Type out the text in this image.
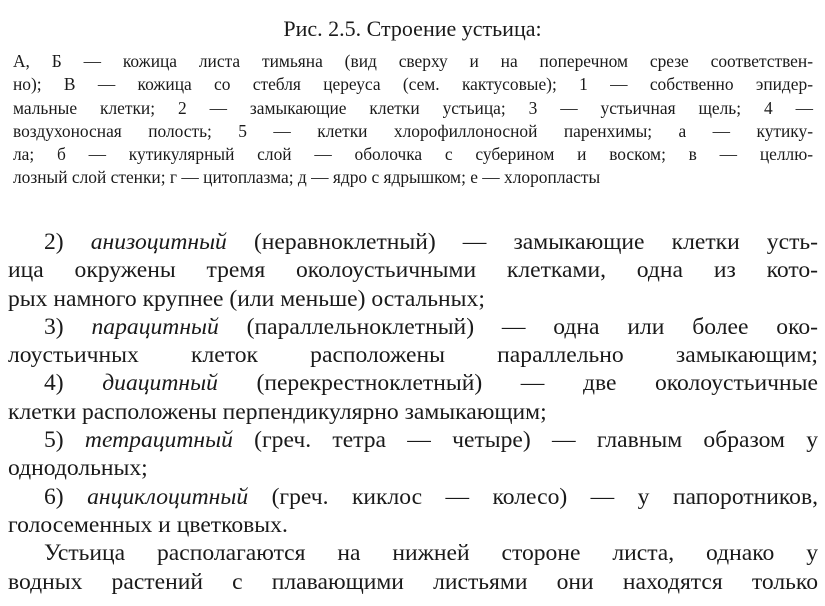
Рис. 2.5. Строение устьица:
А, Б — кожица листа тимьяна (вид сверху и на поперечном срезе соответствен-
но); В — кожица со стебля цереуса (сем. кактусовые); 1 — собственно эпидер-
мальные клетки; 2 — замыкающие клетки устьица; 3 — устьичная щель; 4 —
воздухоносная полость; 5 — клетки хлорофиллоносной паренхимы; а — кутику-
ла; б — кутикулярный слой — оболочка с суберином и воском; в — целлю-
лозный слой стенки; г — цитоплазма; д — ядро с ядрышком; е — хлоропласты
2) анизоцитный (неравноклетный) — замыкающие клетки усть-
ица окружены тремя околоустьичными клетками, одна из кото-
рых намного крупнее (или меньше) остальных;
3) парацитный (параллельноклетный) — одна или более око-
лоустьичных клеток расположены параллельно замыкающим;
4) диацитный (перекрестноклетный) — две околоустьичные
клетки расположены перпендикулярно замыкающим;
5) тетрацитный (греч. тетра — четыре) — главным образом у
однодольных;
6) анциклоцитный (греч. киклос — колесо) — у папоротников,
голосеменных и цветковых.
Устьица располагаются на нижней стороне листа, однако у
водных растений с плавающими листьями они находятся только
